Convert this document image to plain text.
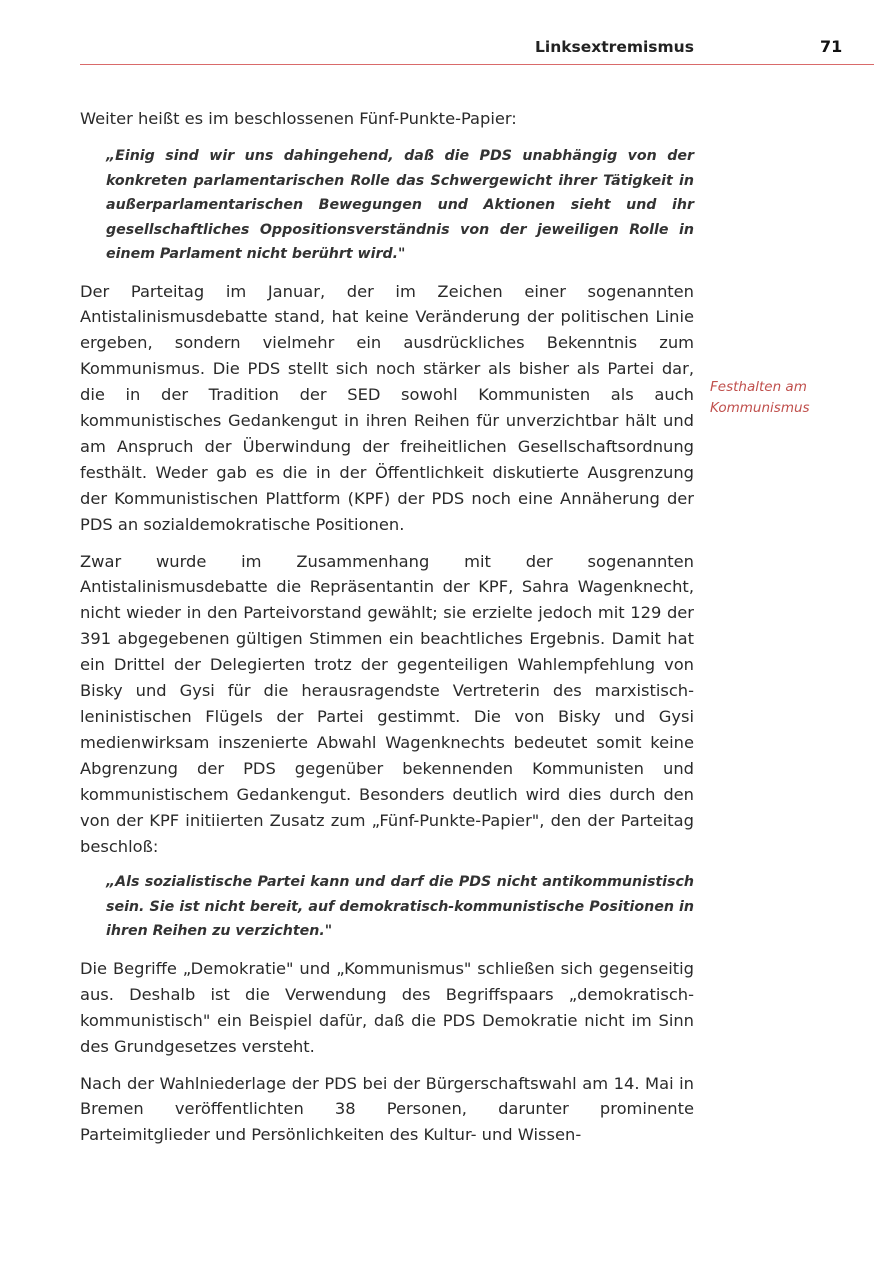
Linksextremismus	71
Festhalten am
Kommunismus

Weiter heißt es im beschlossenen Fünf-Punkte-Papier:

„Einig sind wir uns dahingehend, daß die PDS unabhängig von der konkreten parlamentarischen Rolle das Schwergewicht ihrer Tätigkeit in außerparlamentarischen Bewegungen und Aktionen sieht und ihr gesellschaftliches Oppositionsverständnis von der jeweiligen Rolle in einem Parlament nicht berührt wird."

Der Parteitag im Januar, der im Zeichen einer sogenannten Antistalinismusdebatte stand, hat keine Veränderung der politischen Linie ergeben, sondern vielmehr ein ausdrückliches Bekenntnis zum Kommunismus. Die PDS stellt sich noch stärker als bisher als Partei dar, die in der Tradition der SED sowohl Kommunisten als auch kommunistisches Gedankengut in ihren Reihen für unverzichtbar hält und am Anspruch der Überwindung der freiheitlichen Gesellschaftsordnung festhält. Weder gab es die in der Öffentlichkeit diskutierte Ausgrenzung der Kommunistischen Plattform (KPF) der PDS noch eine Annäherung der PDS an sozialdemokratische Positionen.

Zwar wurde im Zusammenhang mit der sogenannten Antistalinismusdebatte die Repräsentantin der KPF, Sahra Wagenknecht, nicht wieder in den Parteivorstand gewählt; sie erzielte jedoch mit 129 der 391 abgegebenen gültigen Stimmen ein beachtliches Ergebnis. Damit hat ein Drittel der Delegierten trotz der gegenteiligen Wahlempfehlung von Bisky und Gysi für die herausragendste Vertreterin des marxistisch-leninistischen Flügels der Partei gestimmt. Die von Bisky und Gysi medienwirksam inszenierte Abwahl Wagenknechts bedeutet somit keine Abgrenzung der PDS gegenüber bekennenden Kommunisten und kommunistischem Gedankengut. Besonders deutlich wird dies durch den von der KPF initiierten Zusatz zum „Fünf-Punkte-Papier", den der Parteitag beschloß:

„Als sozialistische Partei kann und darf die PDS nicht antikommunistisch sein. Sie ist nicht bereit, auf demokratisch-kommunistische Positionen in ihren Reihen zu verzichten."

Die Begriffe „Demokratie" und „Kommunismus" schließen sich gegenseitig aus. Deshalb ist die Verwendung des Begriffspaars „demokratisch-kommunistisch" ein Beispiel dafür, daß die PDS Demokratie nicht im Sinn des Grundgesetzes versteht.

Nach der Wahlniederlage der PDS bei der Bürgerschaftswahl am 14. Mai in Bremen veröffentlichten 38 Personen, darunter prominente Parteimitglieder und Persönlichkeiten des Kultur- und Wissen-
